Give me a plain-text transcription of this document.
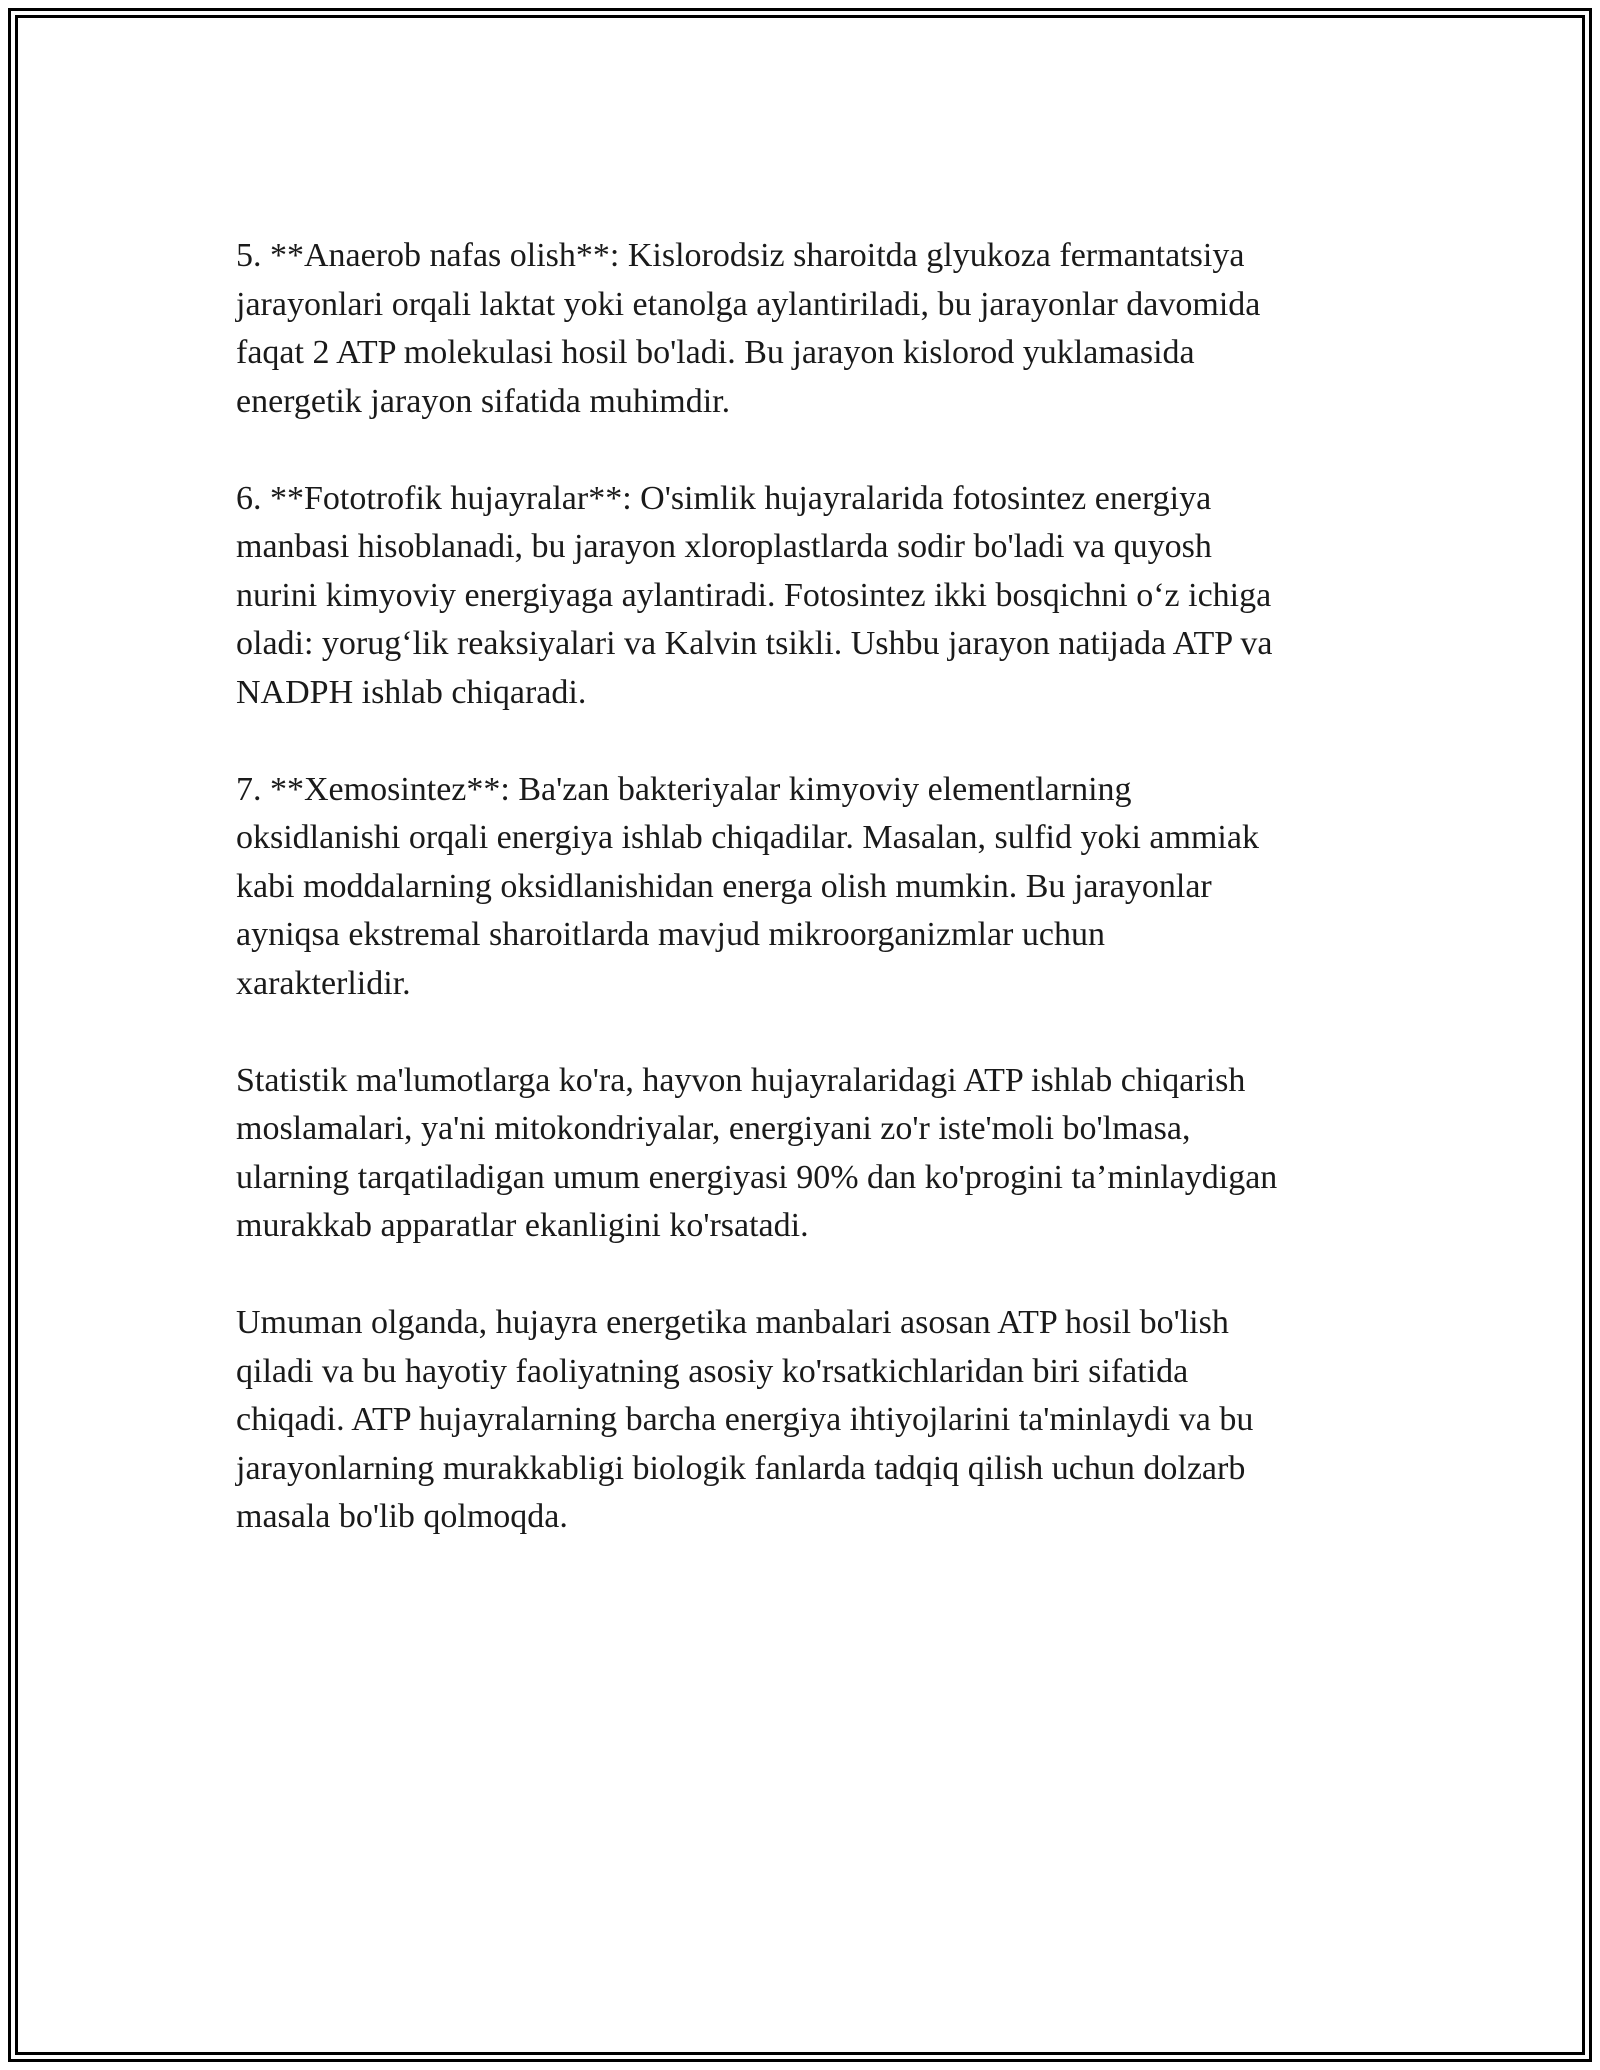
5. **Anaerob nafas olish**: Kislorodsiz sharoitda glyukoza fermantatsiya
jarayonlari orqali laktat yoki etanolga aylantiriladi, bu jarayonlar davomida
faqat 2 ATP molekulasi hosil bo'ladi. Bu jarayon kislorod yuklamasida
energetik jarayon sifatida muhimdir.

6. **Fototrofik hujayralar**: O'simlik hujayralarida fotosintez energiya
manbasi hisoblanadi, bu jarayon xloroplastlarda sodir bo'ladi va quyosh
nurini kimyoviy energiyaga aylantiradi. Fotosintez ikki bosqichni o‘z ichiga
oladi: yorug‘lik reaksiyalari va Kalvin tsikli. Ushbu jarayon natijada ATP va
NADPH ishlab chiqaradi.

7. **Xemosintez**: Ba'zan bakteriyalar kimyoviy elementlarning
oksidlanishi orqali energiya ishlab chiqadilar. Masalan, sulfid yoki ammiak
kabi moddalarning oksidlanishidan energa olish mumkin. Bu jarayonlar
ayniqsa ekstremal sharoitlarda mavjud mikroorganizmlar uchun
xarakterlidir.

Statistik ma'lumotlarga ko'ra, hayvon hujayralaridagi ATP ishlab chiqarish
moslamalari, ya'ni mitokondriyalar, energiyani zo'r iste'moli bo'lmasa,
ularning tarqatiladigan umum energiyasi 90% dan ko'progini ta’minlaydigan
murakkab apparatlar ekanligini ko'rsatadi.

Umuman olganda, hujayra energetika manbalari asosan ATP hosil bo'lish
qiladi va bu hayotiy faoliyatning asosiy ko'rsatkichlaridan biri sifatida
chiqadi. ATP hujayralarning barcha energiya ihtiyojlarini ta'minlaydi va bu
jarayonlarning murakkabligi biologik fanlarda tadqiq qilish uchun dolzarb
masala bo'lib qolmoqda.
